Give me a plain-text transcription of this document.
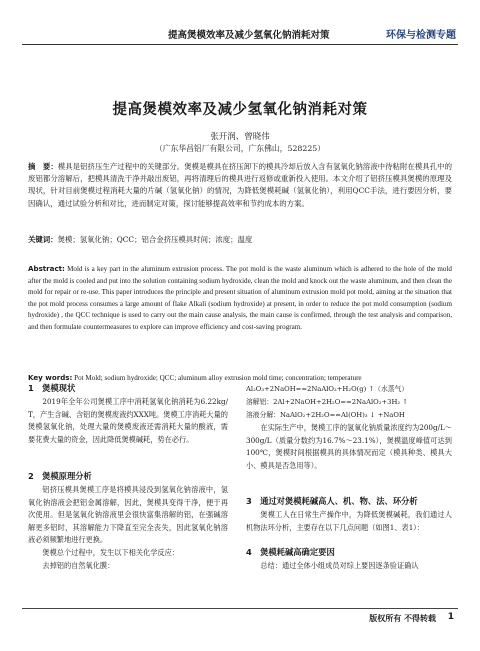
提高煲模效率及减少氢氧化钠消耗对策	环保与检测专题
提高煲模效率及减少氢氧化钠消耗对策
张开润、曾晓伟
（广东华昌铝厂有限公司，广东佛山，528225）
摘　要：模具是铝挤压生产过程中的关键部分。煲模是模具在挤压卸下的模具冷却后放入含有氢氧化钠溶液中待粘附在模具孔中的废铝都分溶解后，把模具清洗干净并敲出废铝，再将清理后的模具进行返修或重新投入使用。本文介绍了铝挤压模具煲模的原理及现状，针对目前煲模过程消耗大量的片碱（氢氧化钠）的情况，为降低煲模耗碱（氢氧化钠），利用QCC手法，进行要因分析，要因确认，通过试验分析和对比，进而制定对策，探讨能够提高效率和节约成本的方案。
关键词：煲模；氢氧化钠；QCC；铝合金挤压模具时间；浓度；温度
Abstract: Mold is a key part in the aluminum extrusion process. The pot mold is the waste aluminum which is adhered to the hole of the mold after the mold is cooled and put into the solution containing sodium hydroxide, clean the mold and knock out the waste aluminum, and then clean the mold for repair or re-use. This paper introduces the principle and present situation of aluminum extrusion mold pot mold, aiming at the situation that the pot mold process consumes a large amount of flake Alkali (sodium hydroxide) at present, in order to reduce the pot mold consumption (sodium hydroxide) , the QCC technique is used to carry out the main cause analysis, the main cause is confirmed, through the test analysis and comparison, and then formulate countermeasures to explore can improve efficiency and cost-saving program.
Key words: Pot Mold; sodium hydroxide; QCC; aluminum alloy extrusion mold time; concentration; temperature
1　煲模现状

2019年全年公司煲模工序中消耗氢氧化钠消耗为6.22kg/T，产生含碱、含铝的煲模废液约XXX吨。煲模工序消耗大量的煲模氢氧化钠，处理大量的煲模废液还需消耗大量的酸液，需要花费大量的资金，因此降低煲模碱耗，势在必行。

2　煲模原理分析

铝挤压模具煲模工序是将模具浸没到氢氧化钠溶液中，氢氧化钠溶液会把铝金属溶解，因此，煲模具变得干净，便于再次使用。但是氢氧化钠溶液里会很快富集溶解的铝，在强碱溶解更多铝时，其溶解能力下降直至完全丧失，因此氢氧化钠溶液必须频繁地进行更换。

煲模总个过程中，发生以下相关化学反应：

去掉铝的自然氧化膜：

Al₂O₃+2NaOH==2NaAlO₂+H₂O(g) ↑（水蒸气）
溶解铝：2Al+2NaOH+2H₂O==2NaAlO₂+3H₂ ↑
溶液分解：NaAlO₂+2H₂O==Al(OH)₃ ↓ +NaOH

在实际生产中，煲模工序的氢氧化钠质量浓度约为200g/L～300g/L（质量分数约为16.7%～23.1%），煲模温度峰值可达到100℃，煲模时间根据模具的具体情况而定（模具种类、模具大小、模具是否急用等）。

3　通过对煲模耗碱高人、机、物、法、环分析

煲模工人在日常生产操作中，为降低煲模碱耗，我们通过人机物法环分析，主要存在以下几点问题（如图1、表1）：

4　煲模耗碱高确定要因

总结：通过全体小组成员对综上要因逐条验证确认

版权所有 不得转载 1
